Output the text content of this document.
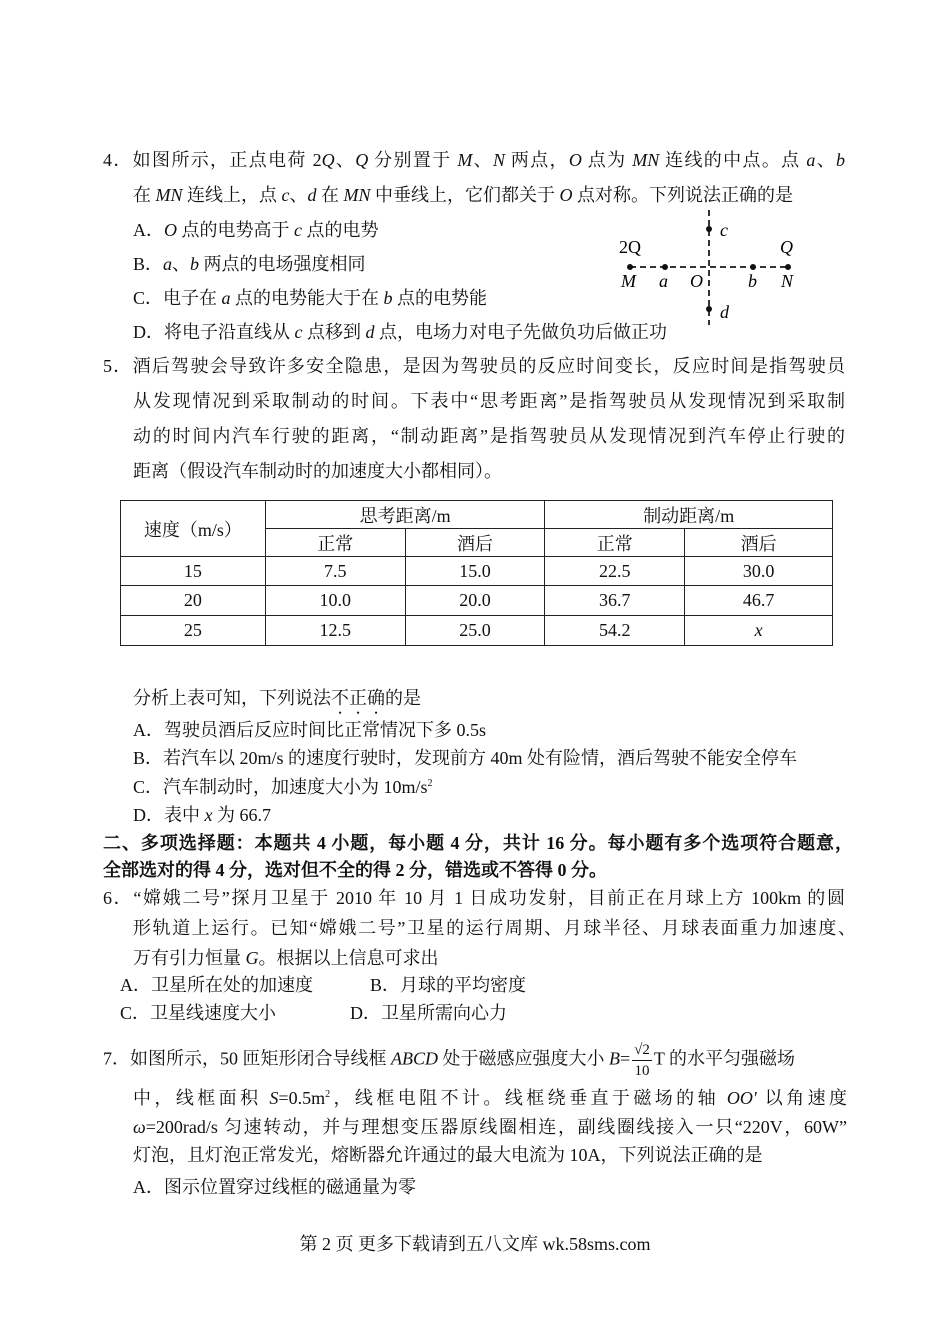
4．如图所示，正点电荷 2Q、Q 分别置于 M、N 两点，O 点为 MN 连线的中点。点 a、b
在 MN 连线上，点 c、d 在 MN 中垂线上，它们都关于 O 点对称。下列说法正确的是
A．O 点的电势高于 c 点的电势
B．a、b 两点的电场强度相同
C．电子在 a 点的电势能大于在 b 点的电势能
D．将电子沿直线从 c 点移到 d 点，电场力对电子先做负功后做正功
2Q	Q
M a O	b N
c
d
5．酒后驾驶会导致许多安全隐患，是因为驾驶员的反应时间变长，反应时间是指驾驶员
从发现情况到采取制动的时间。下表中“思考距离”是指驾驶员从发现情况到采取制
动的时间内汽车行驶的距离，“制动距离”是指驾驶员从发现情况到汽车停止行驶的
距离（假设汽车制动时的加速度大小都相同）。
速度（m/s）	思考距离/m		制动距离/m	
	正常	酒后	正常	酒后
15	7.5	15.0	22.5	30.0
20	10.0	20.0	36.7	46.7
25	12.5	25.0	54.2	x
分析上表可知，下列说法不正确的是
A．驾驶员酒后反应时间比正常情况下多 0.5s
B．若汽车以 20m/s 的速度行驶时，发现前方 40m 处有险情，酒后驾驶不能安全停车
C．汽车制动时，加速度大小为 $10m/s^2$
D．表中 x 为 66.7
二、多项选择题：本题共 4 小题，每小题 4 分，共计 16 分。每小题有多个选项符合题意，
全部选对的得 4 分，选对但不全的得 2 分，错选或不答得 0 分。
6．“嫦娥二号”探月卫星于 2010 年 10 月 1 日成功发射，目前正在月球上方 100km 的圆
形轨道上运行。已知“嫦娥二号”卫星的运行周期、月球半径、月球表面重力加速度、
万有引力恒量 G。根据以上信息可求出
A．卫星所在处的加速度	B．月球的平均密度
C．卫星线速度大小	D．卫星所需向心力
7．如图所示，50 匝矩形闭合导线框 ABCD 处于磁感应强度大小 $B= \frac{√2}{10}$ T 的水平匀强磁场
中，线框面积 $S=0.5m^2$，线框电阻不计。线框绕垂直于磁场的轴 OO′ 以角速度
ω=200rad/s 匀速转动，并与理想变压器原线圈相连，副线圈线接入一只“220V，60W”
灯泡，且灯泡正常发光，熔断器允许通过的最大电流为 10A，下列说法正确的是
A．图示位置穿过线框的磁通量为零
第 2 页 更多下载请到五八文库 wk.58sms.com
